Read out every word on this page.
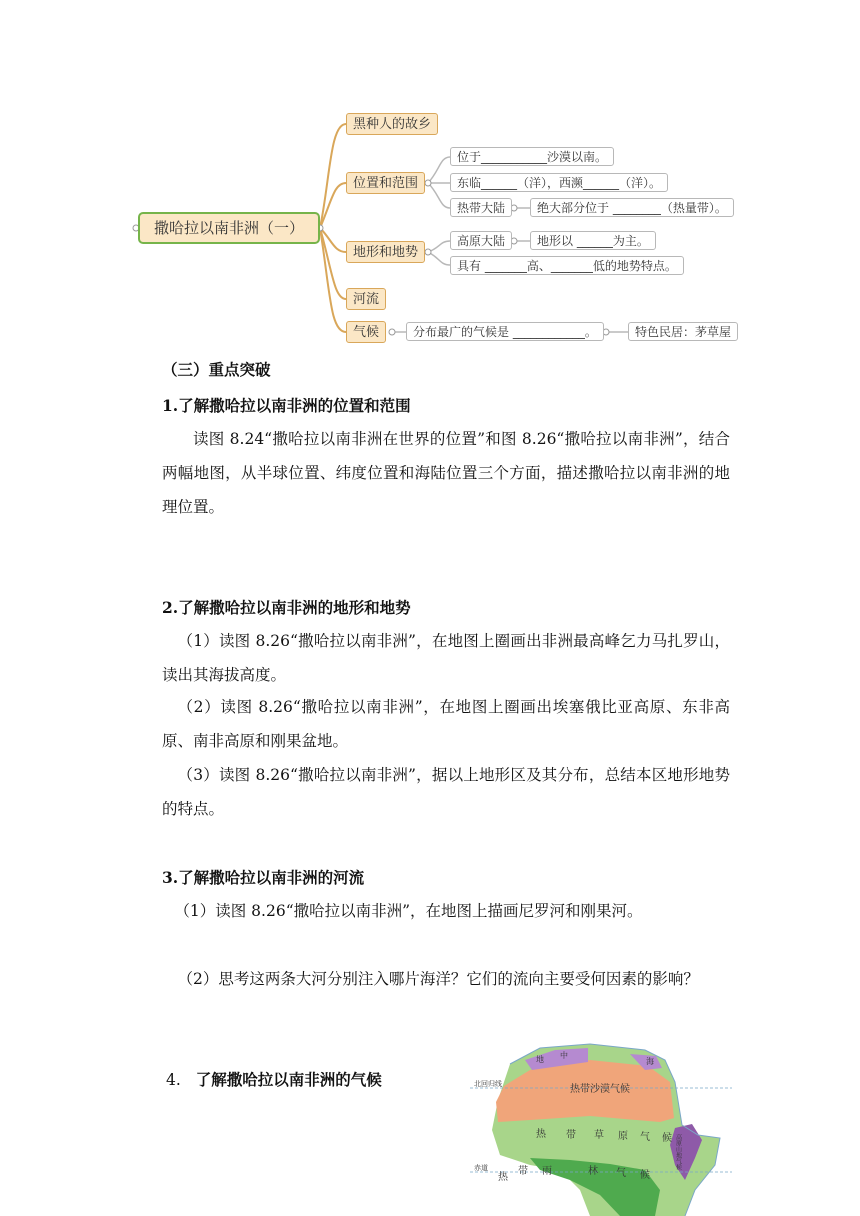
撒哈拉以南非洲（一）
黑种人的故乡
位置和范围
地形和地势
河流
气候
位于___________沙漠以南。
东临______（洋），西濒______（洋）。
热带大陆	绝大部分位于 ________（热量带）。
高原大陆	地形以 ______为主。
具有 _______高、_______低的地势特点。
分布最广的气候是 ____________。	特色民居：茅草屋
（三）重点突破
1.了解撒哈拉以南非洲的位置和范围
读图 8.24“撒哈拉以南非洲在世界的位置”和图 8.26“撒哈拉以南非洲”，结合两幅地图，从半球位置、纬度位置和海陆位置三个方面，描述撒哈拉以南非洲的地理位置。
2.了解撒哈拉以南非洲的地形和地势
（1）读图 8.26“撒哈拉以南非洲”，在地图上圈画出非洲最高峰乞力马扎罗山，读出其海拔高度。
（2）读图 8.26“撒哈拉以南非洲”，在地图上圈画出埃塞俄比亚高原、东非高原、南非高原和刚果盆地。
（3）读图 8.26“撒哈拉以南非洲”，据以上地形区及其分布，总结本区地形地势的特点。
3.了解撒哈拉以南非洲的河流
（1）读图 8.26“撒哈拉以南非洲”，在地图上描画尼罗河和刚果河。
（2）思考这两条大河分别注入哪片海洋？它们的流向主要受何因素的影响？
4. 了解撒哈拉以南非洲的气候	北回归线
赤道
热带沙漠气候
地 中
海
热 带 草 原 气 候
热
带 雨	林 气 候
高原山地气候
